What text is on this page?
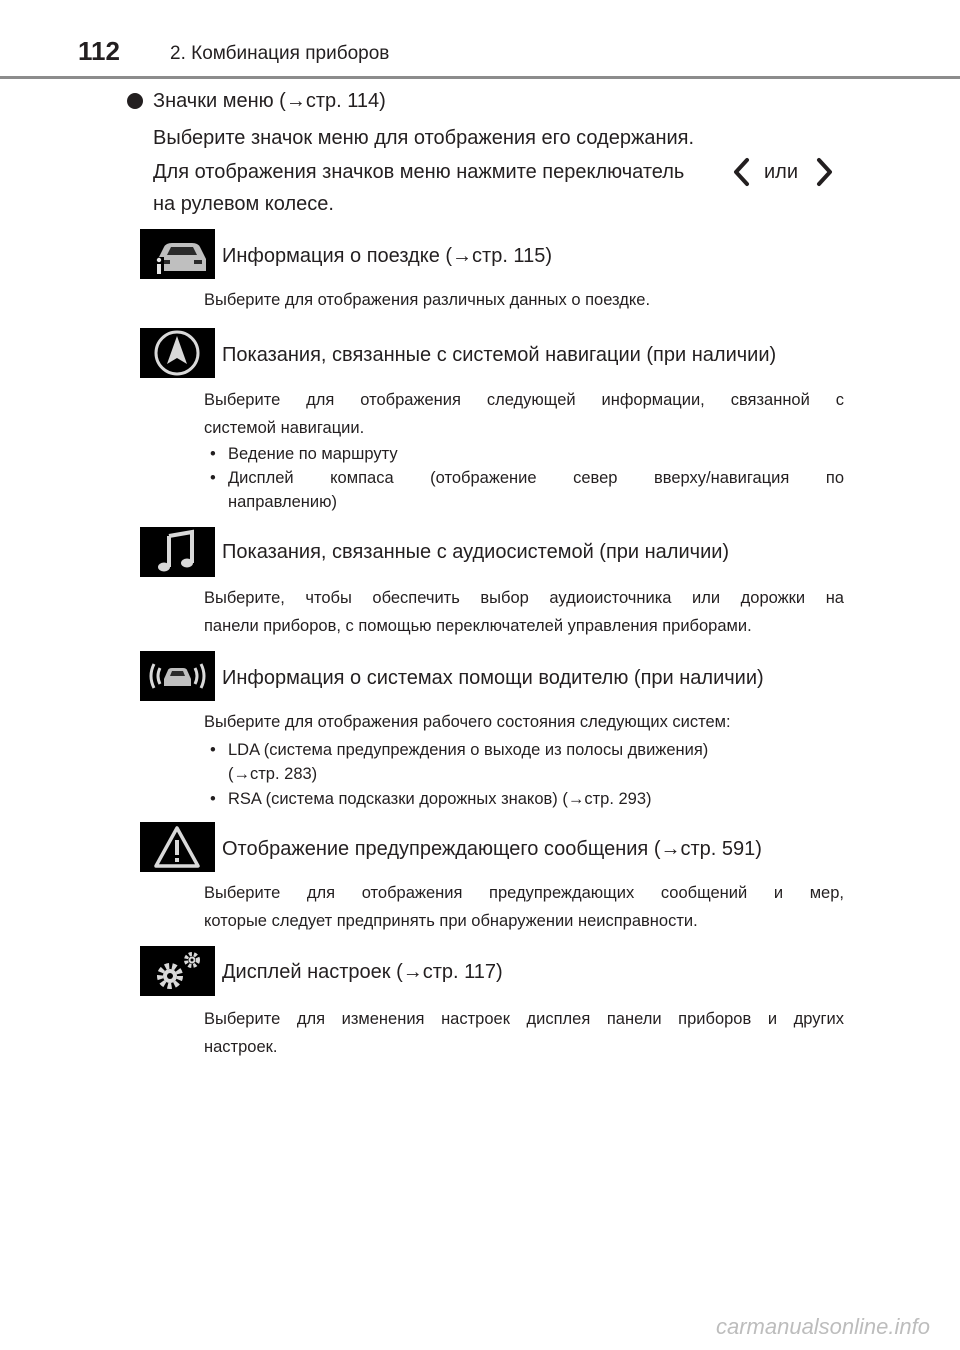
112	2. Комбинация приборов
Значки меню (→стр. 114)
Выберите значок меню для отображения его содержания.
Для отображения значков меню нажмите переключатель	или
на рулевом колесе.
Информация о поездке (→стр. 115)
Выберите для отображения различных данных о поездке.
Показания, связанные с системой навигации (при наличии)
Выберите для отображения следующей информации, связанной с
системой навигации.
• Ведение по маршруту
• Дисплей компаса (отображение север вверху/навигация по
направлению)
Показания, связанные с аудиосистемой (при наличии)
Выберите, чтобы обеспечить выбор аудиоисточника или дорожки на
панели приборов, с помощью переключателей управления приборами.
Информация о системах помощи водителю (при наличии)
Выберите для отображения рабочего состояния следующих систем:
• LDA (система предупреждения о выходе из полосы движения)
(→стр. 283)
• RSA (система подсказки дорожных знаков) (→стр. 293)
Отображение предупреждающего сообщения (→стр. 591)
Выберите для отображения предупреждающих сообщений и мер,
которые следует предпринять при обнаружении неисправности.
Дисплей настроек (→стр. 117)
Выберите для изменения настроек дисплея панели приборов и других
настроек.
carmanualsonline.info
